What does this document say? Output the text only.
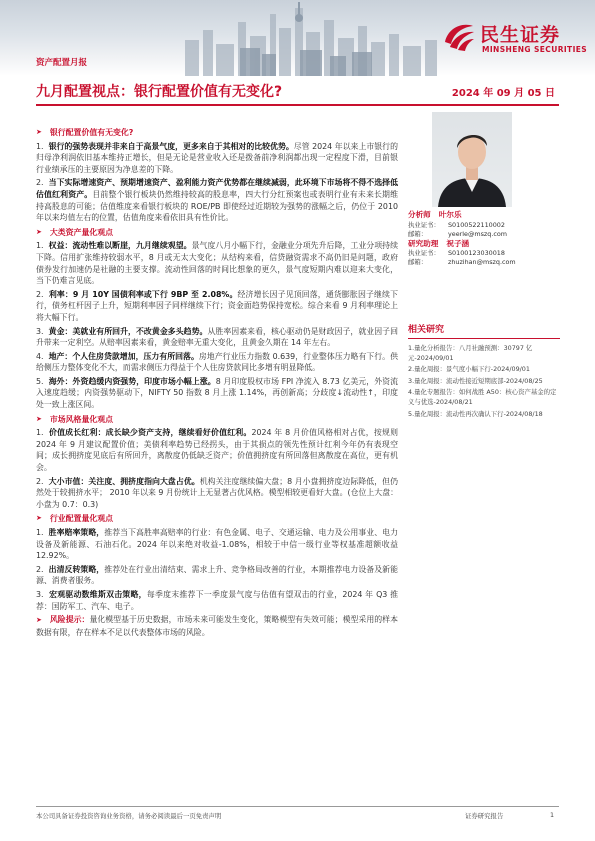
民生证券
MINSHENG SECURITIES
资产配置月报
九月配置视点：银行配置价值有无变化?	2024 年 09 月 05 日
➤ 银行配置价值有无变化?

1. 银行的强势表现并非来自于高景气度，更多来自于其相对的比较优势。尽管 2024 年以来上市银行的归母净利润依旧基本维持正增长，但是无论是营业收入还是拨备前净利润都出现一定程度下滑，目前银行业绩承压的主要原因为净息差的下降。

2. 当下实际增速资产、预期增速资产、盈利能力资产优势都在继续减弱，此环境下市场将不得不选择低估值红利资产。目前整个银行板块仍然维持较高的股息率，四大行分红预案也或表明行业有未来长期维持高股息的可能；估值维度来看银行板块的 ROE/PB 即使经过近期较为强势的涨幅之后，仍位于 2010 年以来均值左右的位置，估值角度来看依旧具有性价比。

➤ 大类资产量化观点

1. 权益：流动性难以断崖，九月继续观望。景气度八月小幅下行，金融业分项先升后降，工业分项持续下降。信用扩张维持较弱水平，8 月或无太大变化；从结构来看，信贷融资需求不高仍旧是问题，政府债券发行加速仍是社融的主要支撑。流动性回落的时间比想象的更久，景气度短期内难以迎来大变化，当下仍难言见底。

2. 利率：9 月 10Y 国债利率或下行 9BP 至 2.08%。经济增长因子见顶回落，通货膨胀因子继续下行，债务杠杆因子上升，短期利率因子同样继续下行；资金面趋势保持宽松。综合来看 9 月利率理论上将大幅下行。

3. 黄金：美就业有所回升，不改黄金多头趋势。从胜率因素来看，核心驱动仍是财政因子，就业因子回升带来一定利空。从赔率因素来看，黄金赔率无重大变化，且黄金久期在 14 年左右。

4. 地产：个人住房贷款增加，压力有所回落。房地产行业压力指数 0.639，行业整体压力略有下行。供给侧压力整体变化不大，而需求侧压力得益于个人住房贷款同比多增有明显降低。

5. 海外：外资趋缓内资强势，印度市场小幅上涨。8 月印度股权市场 FPI 净流入 8.73 亿美元，外资流入速度趋缓；内资强势驱动下，NIFTY 50 指数 8 月上涨 1.14%，再创新高；分歧度↓流动性↑，印度处一致上涨区间。

➤ 市场风格量化观点

1. 价值成长红利：成长缺少资产支持，继续看好价值红利。2024 年 8 月价值风格相对占优，按规则 2024 年 9 月建议配置价值；美债利率趋势已经拐头，由于其损点的领先性预计红利今年仍有表现空间；成长拥挤度见底后有所回升，离散度仍低缺乏资产；价值拥挤度有所回落但离散度在高位，更有机会。

2. 大小市值：关注度、拥挤度指向大盘占优。机构关注度继续偏大盘；8 月小盘拥挤度边际降低，但仍然处于较拥挤水平； 2010 年以来 9 月份统计上无显著占优风格。模型相较更看好大盘。(仓位上大盘：小盘为 0.7：0.3)

➤ 行业配置量化观点

1. 胜率赔率策略，推荐当下高胜率高赔率的行业：有色金属、电子、交通运输、电力及公用事业、电力设备及新能源、石油石化。2024 年以来绝对收益-1.08%，相较于中信一级行业等权基准超额收益 12.92%。

2. 出清反转策略，推荐处在行业出清结束、需求上升、竞争格局改善的行业，本期推荐电力设备及新能源、消费者服务。

3. 宏观驱动数维斯双击策略，每季度末推荐下一季度景气度与估值有望双击的行业，2024 年 Q3 推荐：国防军工、汽车、电子。

➤ 风险提示：量化模型基于历史数据，市场未来可能发生变化，策略模型有失效可能；模型采用的样本数据有限，存在样本不足以代表整体市场的风险。

分析师 叶尔乐
执业证书：	S0100522110002
邮箱：	yeerle@mszq.com
研究助理 祝子涵
执业证书：	S0100123030018
邮箱：	zhuzihan@mszq.com
相关研究
1.量化分析报告：八月社融预测：30797 亿元-2024/09/01
2.量化周报：景气度小幅下行-2024/09/01
3.量化周报：流动性接近短期底部-2024/08/25
4.量化专题报告：如何战胜 A50：核心资产基金的定义与优选-2024/08/21
5.量化周报：流动性再次确认下行-2024/08/18
本公司具备证券投资咨询业务资格，请务必阅读最后一页免责声明	证券研究报告	1
